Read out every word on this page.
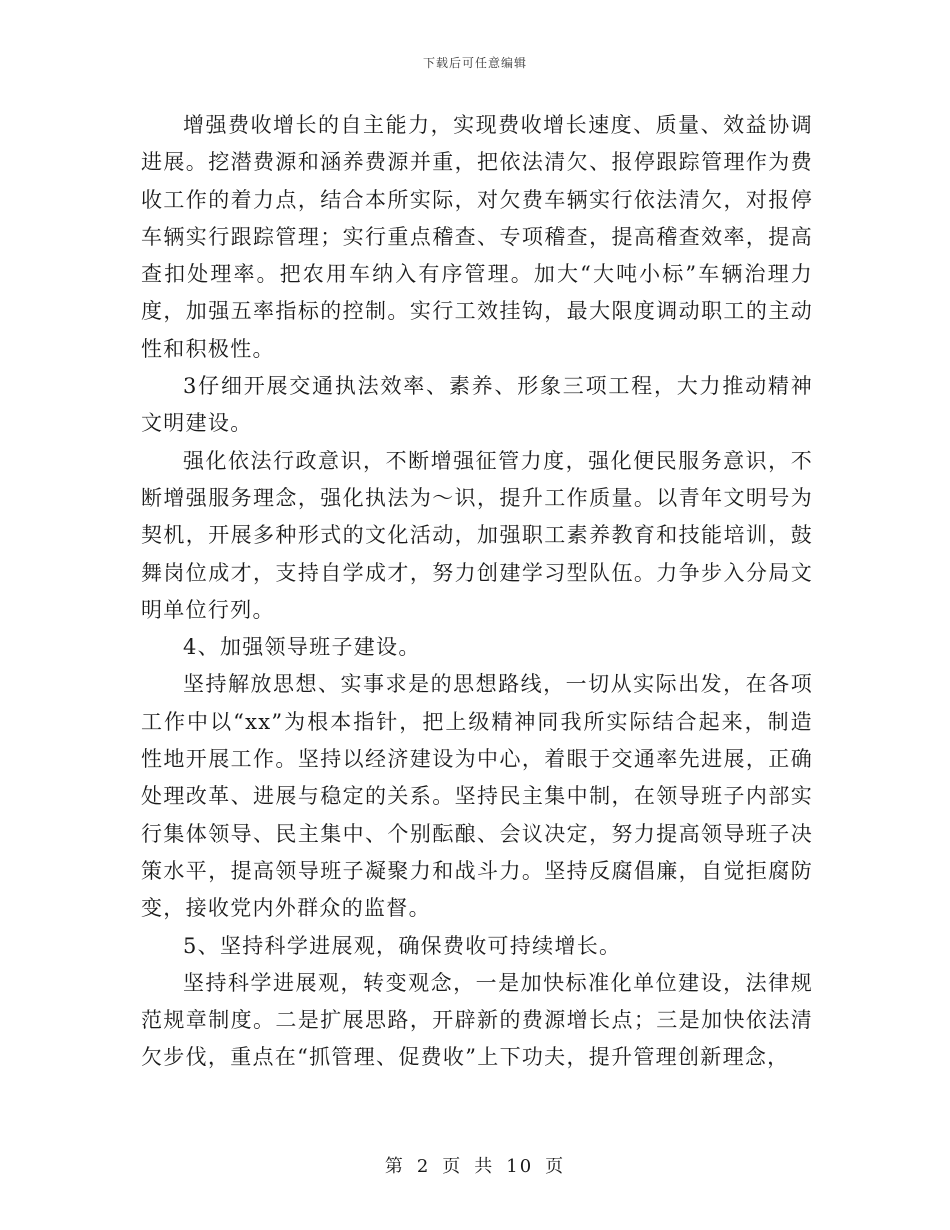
下载后可任意编辑

增强费收增长的自主能力，实现费收增长速度、质量、效益协调进展。挖潜费源和涵养费源并重，把依法清欠、报停跟踪管理作为费收工作的着力点，结合本所实际，对欠费车辆实行依法清欠，对报停车辆实行跟踪管理；实行重点稽查、专项稽查，提高稽查效率，提高查扣处理率。把农用车纳入有序管理。加大“大吨小标”车辆治理力度，加强五率指标的控制。实行工效挂钩，最大限度调动职工的主动性和积极性。

3仔细开展交通执法效率、素养、形象三项工程，大力推动精神文明建设。

强化依法行政意识，不断增强征管力度，强化便民服务意识，不断增强服务理念，强化执法为～识，提升工作质量。以青年文明号为契机，开展多种形式的文化活动，加强职工素养教育和技能培训，鼓舞岗位成才，支持自学成才，努力创建学习型队伍。力争步入分局文明单位行列。

4、加强领导班子建设。

坚持解放思想、实事求是的思想路线，一切从实际出发，在各项工作中以“xx”为根本指针，把上级精神同我所实际结合起来，制造性地开展工作。坚持以经济建设为中心，着眼于交通率先进展，正确处理改革、进展与稳定的关系。坚持民主集中制，在领导班子内部实行集体领导、民主集中、个别酝酿、会议决定，努力提高领导班子决策水平，提高领导班子凝聚力和战斗力。坚持反腐倡廉，自觉拒腐防变，接收党内外群众的监督。

5、坚持科学进展观，确保费收可持续增长。

坚持科学进展观，转变观念，一是加快标准化单位建设，法律规范规章制度。二是扩展思路，开辟新的费源增长点；三是加快依法清欠步伐，重点在“抓管理、促费收”上下功夫，提升管理创新理念，

第 2 页 共 10 页
